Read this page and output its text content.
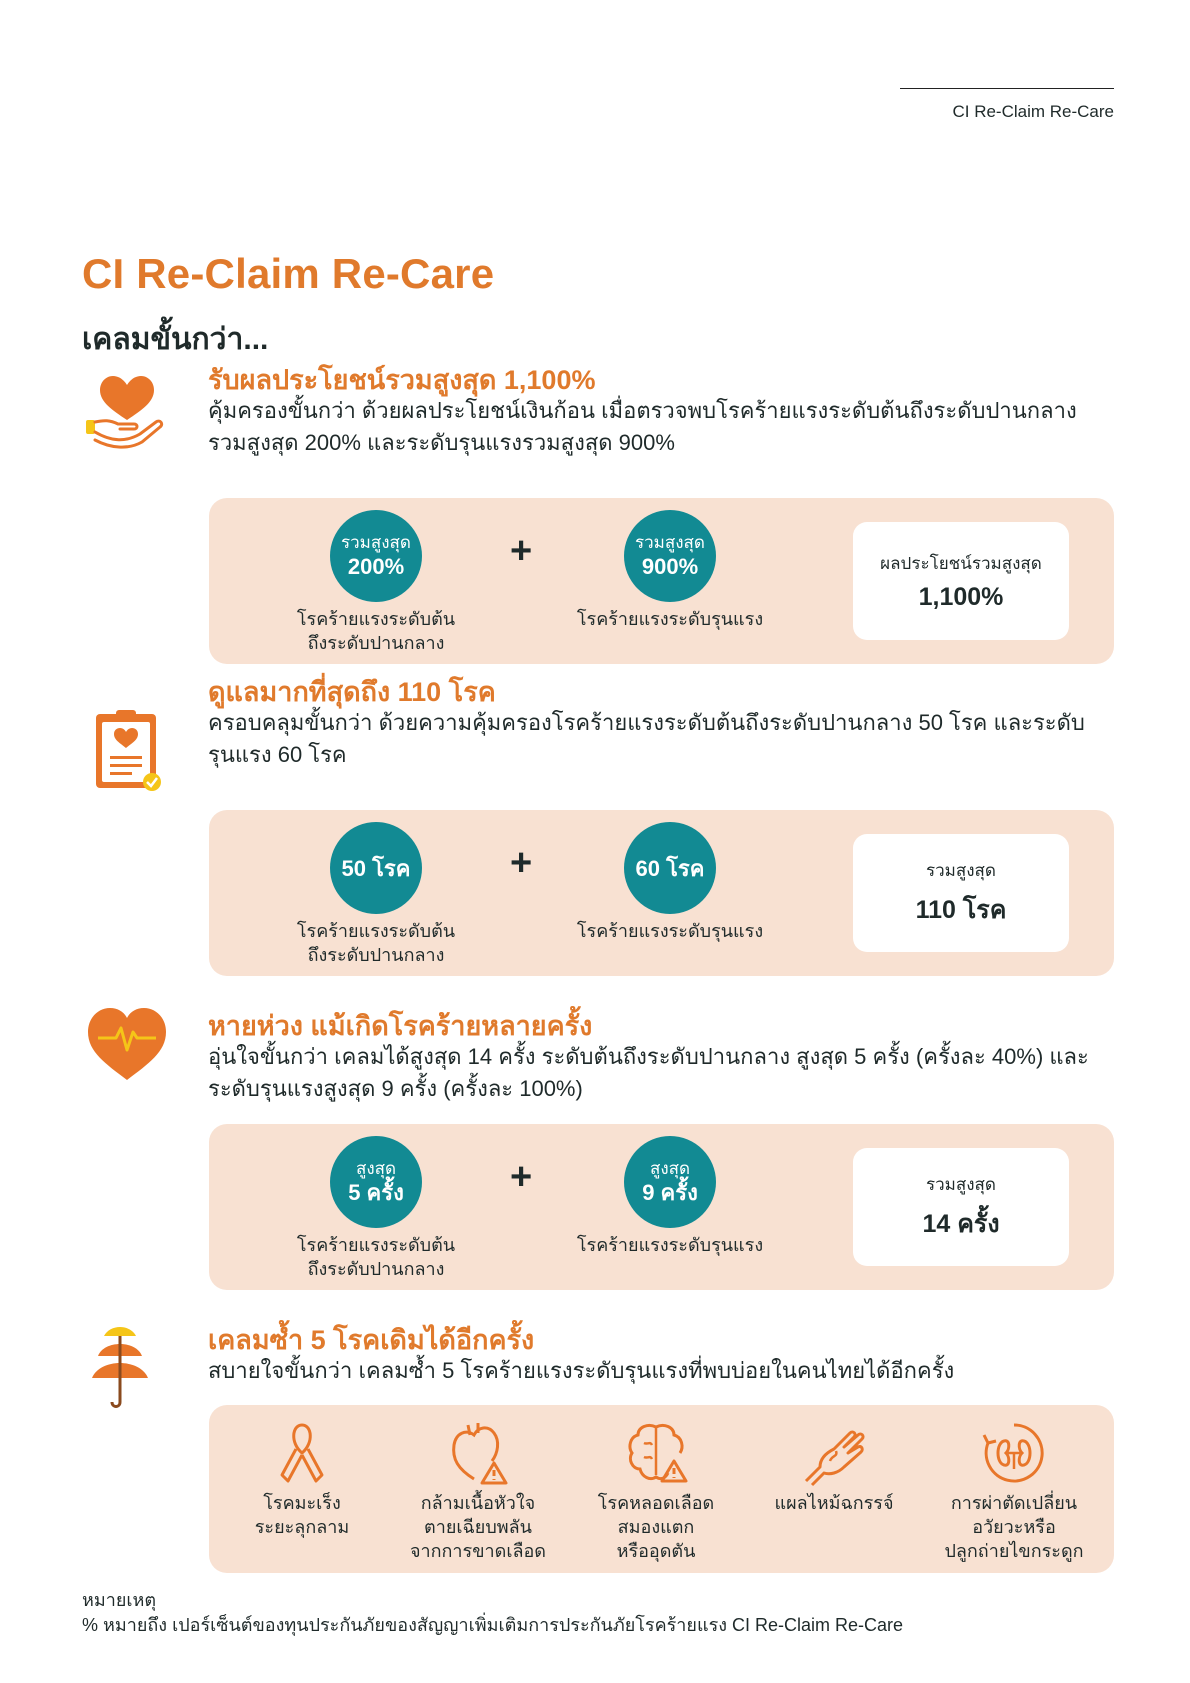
CI Re-Claim Re-Care
CI Re-Claim Re-Care
เคลมขั้นกว่า...
รับผลประโยชน์รวมสูงสุด 1,100%
คุ้มครองขั้นกว่า ด้วยผลประโยชน์เงินก้อน เมื่อตรวจพบโรคร้ายแรงระดับต้นถึงระดับปานกลาง รวมสูงสุด 200% และระดับรุนแรงรวมสูงสุด 900%
รวมสูงสุด
200%
โรคร้ายแรงระดับต้น
ถึงระดับปานกลาง
+	รวมสูงสุด
900%
โรคร้ายแรงระดับรุนแรง
ผลประโยชน์รวมสูงสุด
1,100%
ดูแลมากที่สุดถึง 110 โรค
ครอบคลุมขั้นกว่า ด้วยความคุ้มครองโรคร้ายแรงระดับต้นถึงระดับปานกลาง 50 โรค และระดับรุนแรง 60 โรค
50 โรค
โรคร้ายแรงระดับต้น
ถึงระดับปานกลาง
+	60 โรค
โรคร้ายแรงระดับรุนแรง
รวมสูงสุด
110 โรค
หายห่วง แม้เกิดโรคร้ายหลายครั้ง
อุ่นใจขั้นกว่า เคลมได้สูงสุด 14 ครั้ง ระดับต้นถึงระดับปานกลาง สูงสุด 5 ครั้ง (ครั้งละ 40%) และระดับรุนแรงสูงสุด 9 ครั้ง (ครั้งละ 100%)
สูงสุด
5 ครั้ง
โรคร้ายแรงระดับต้น
ถึงระดับปานกลาง
+	สูงสุด
9 ครั้ง
โรคร้ายแรงระดับรุนแรง
รวมสูงสุด
14 ครั้ง
เคลมซ้ำ 5 โรคเดิมได้อีกครั้ง
สบายใจขั้นกว่า เคลมซ้ำ 5 โรคร้ายแรงระดับรุนแรงที่พบบ่อยในคนไทยได้อีกครั้ง
โรคมะเร็ง
ระยะลุกลาม
กล้ามเนื้อหัวใจ
ตายเฉียบพลัน
จากการขาดเลือด
โรคหลอดเลือด
สมองแตก
หรืออุดตัน
แผลไหม้ฉกรรจ์	การผ่าตัดเปลี่ยน
อวัยวะหรือ
ปลูกถ่ายไขกระดูก
หมายเหตุ
% หมายถึง เปอร์เซ็นต์ของทุนประกันภัยของสัญญาเพิ่มเติมการประกันภัยโรคร้ายแรง CI Re-Claim Re-Care
